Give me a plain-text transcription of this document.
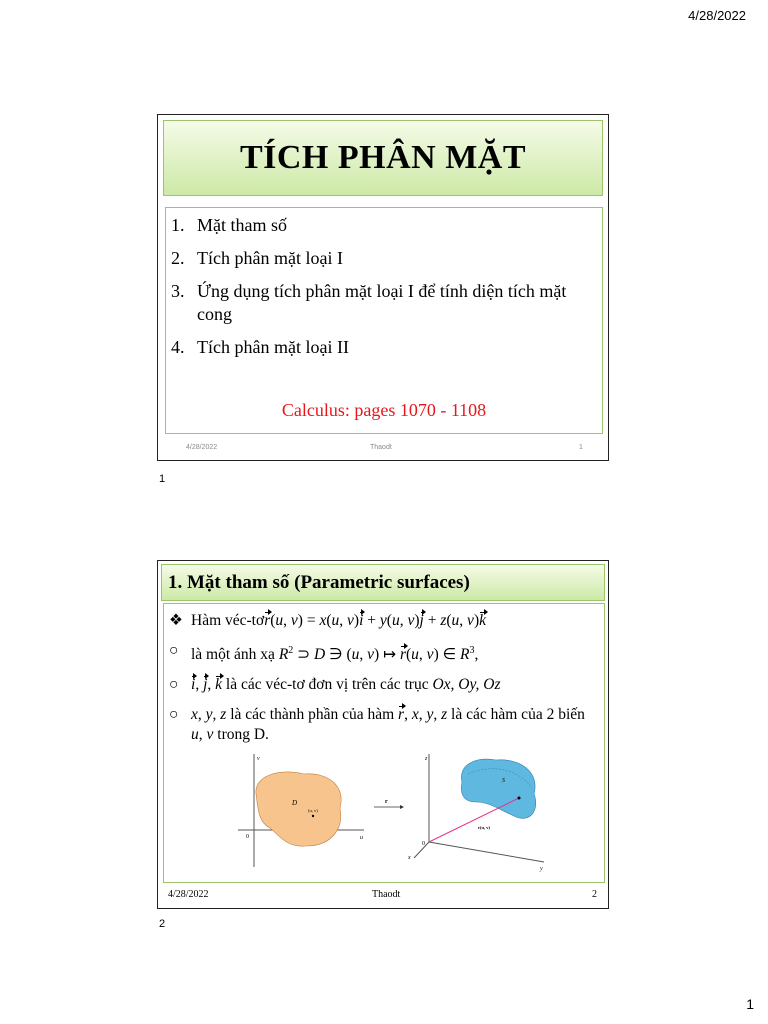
4/28/2022
TÍCH PHÂN MẶT
1. Mặt tham số
2. Tích phân mặt loại I
3. Ứng dụng tích phân mặt loại I để tính diện tích mặt cong
4. Tích phân mặt loại II
Calculus: pages 1070 - 1108
4/28/2022	Thaodt	1
1
1. Mặt tham số (Parametric surfaces)
❖ Hàm véc-tơr(u, v) = x(u, v)i + y(u, v)j + z(u, v)k
○ là một ánh xạ $R^2$ ⊃ D ∋ (u, v) ↦ r(u, v) ∈ $R^3$,
○ i, j, k là các véc-tơ đơn vị trên các trục Ox, Oy, Oz
○ x, y, z là các thành phần của hàm r, x, y, z là các hàm của 2 biến u, v trong D.
v
u
0
D
(u, v)
r
z
x
y
0
S
r(u, v)
4/28/2022	Thaodt	2
2
1
